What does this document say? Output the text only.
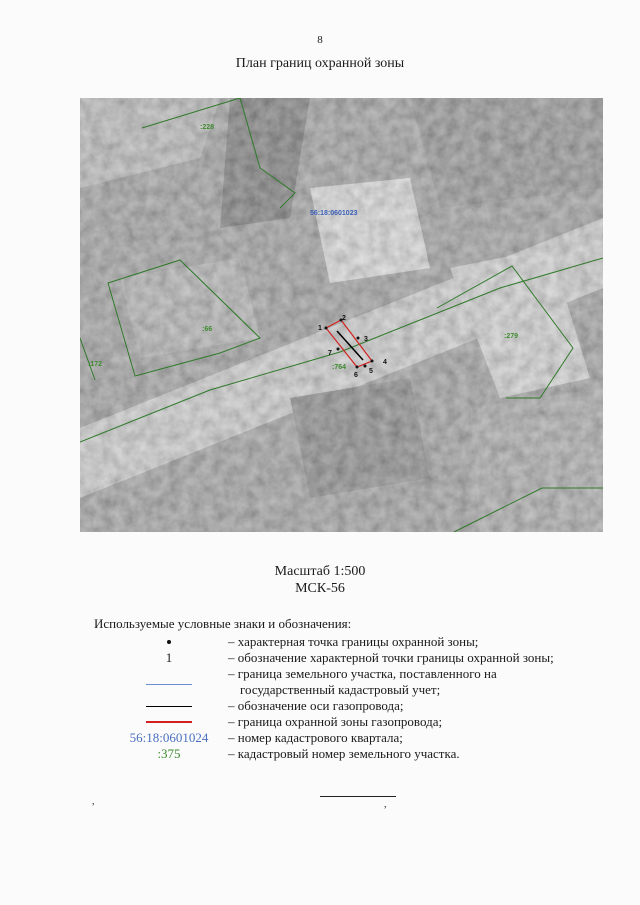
8
План границ охранной зоны
:228
56:18:0601023
:66
:172
:279
:764
1
2
3
4
5
6
7
Масштаб 1:500
МСК-56
Используемые условные знаки и обозначения:
– характерная точка границы охранной зоны;
1	– обозначение характерной точки границы охранной зоны;
– граница земельного участка, поставленного на
государственный кадастровый учет;
– обозначение оси газопровода;
– граница охранной зоны газопровода;
56:18:0601024	– номер кадастрового квартала;
:375	– кадастровый номер земельного участка.
,	,
